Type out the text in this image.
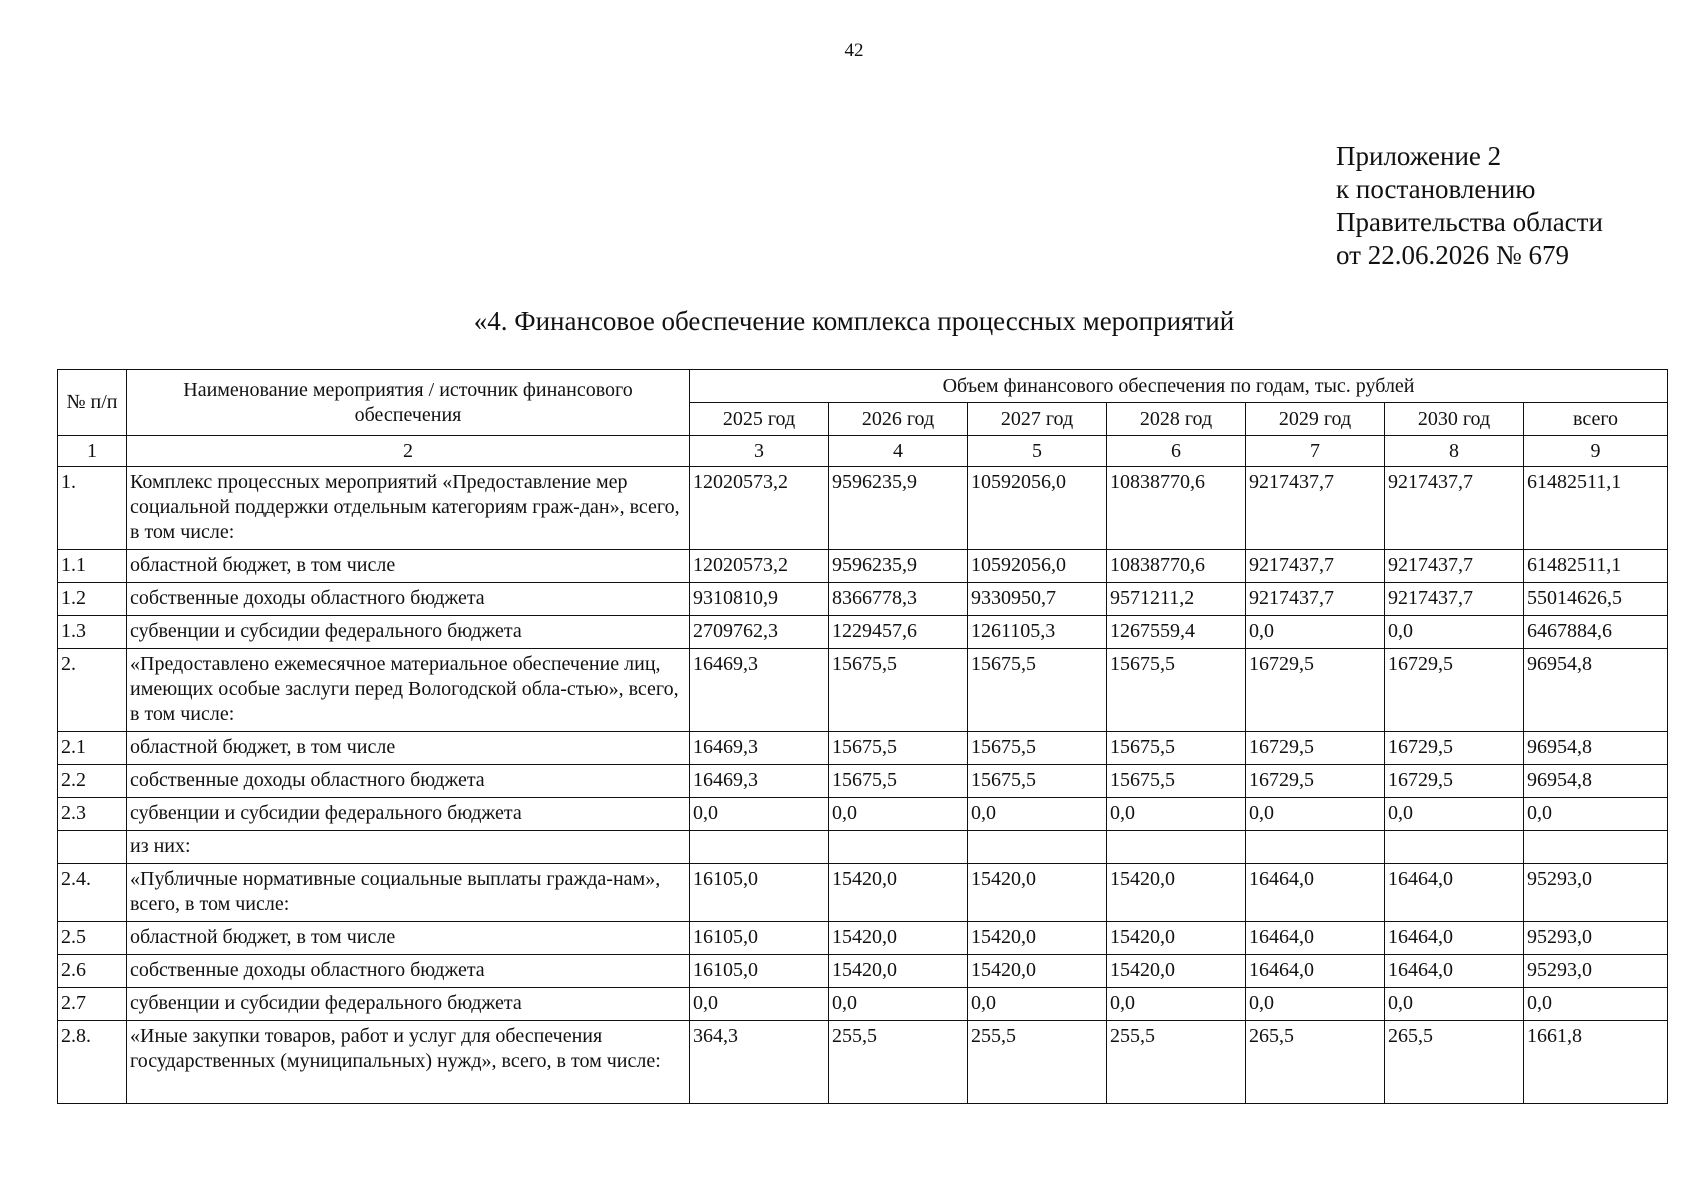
42
Приложение 2
к постановлению
Правительства области
от 22.06.2026 № 679
«4. Финансовое обеспечение комплекса процессных мероприятий
№ п/п	Наименование мероприятия / источник финансового обеспечения	Объем финансового обеспечения по годам, тыс. рублей						
		2025 год	2026 год	2027 год	2028 год	2029 год	2030 год	всего
1	2	3	4	5	6	7	8	9
1.	Комплекс процессных мероприятий «Предоставление мер социальной поддержки отдельным категориям граж-дан», всего, в том числе:	12020573,2	9596235,9	10592056,0	10838770,6	9217437,7	9217437,7	61482511,1
1.1	областной бюджет, в том числе	12020573,2	9596235,9	10592056,0	10838770,6	9217437,7	9217437,7	61482511,1
1.2	собственные доходы областного бюджета	9310810,9	8366778,3	9330950,7	9571211,2	9217437,7	9217437,7	55014626,5
1.3	субвенции и субсидии федерального бюджета	2709762,3	1229457,6	1261105,3	1267559,4	0,0	0,0	6467884,6
2.	«Предоставлено ежемесячное материальное обеспечение лиц, имеющих особые заслуги перед Вологодской обла-стью», всего, в том числе:	16469,3	15675,5	15675,5	15675,5	16729,5	16729,5	96954,8
2.1	областной бюджет, в том числе	16469,3	15675,5	15675,5	15675,5	16729,5	16729,5	96954,8
2.2	собственные доходы областного бюджета	16469,3	15675,5	15675,5	15675,5	16729,5	16729,5	96954,8
2.3	субвенции и субсидии федерального бюджета	0,0	0,0	0,0	0,0	0,0	0,0	0,0
	из них:							
2.4.	«Публичные нормативные социальные выплаты гражда-нам», всего, в том числе:	16105,0	15420,0	15420,0	15420,0	16464,0	16464,0	95293,0
2.5	областной бюджет, в том числе	16105,0	15420,0	15420,0	15420,0	16464,0	16464,0	95293,0
2.6	собственные доходы областного бюджета	16105,0	15420,0	15420,0	15420,0	16464,0	16464,0	95293,0
2.7	субвенции и субсидии федерального бюджета	0,0	0,0	0,0	0,0	0,0	0,0	0,0
2.8.	«Иные закупки товаров, работ и услуг для обеспечения государственных (муниципальных) нужд», всего, в том числе:	364,3	255,5	255,5	255,5	265,5	265,5	1661,8
